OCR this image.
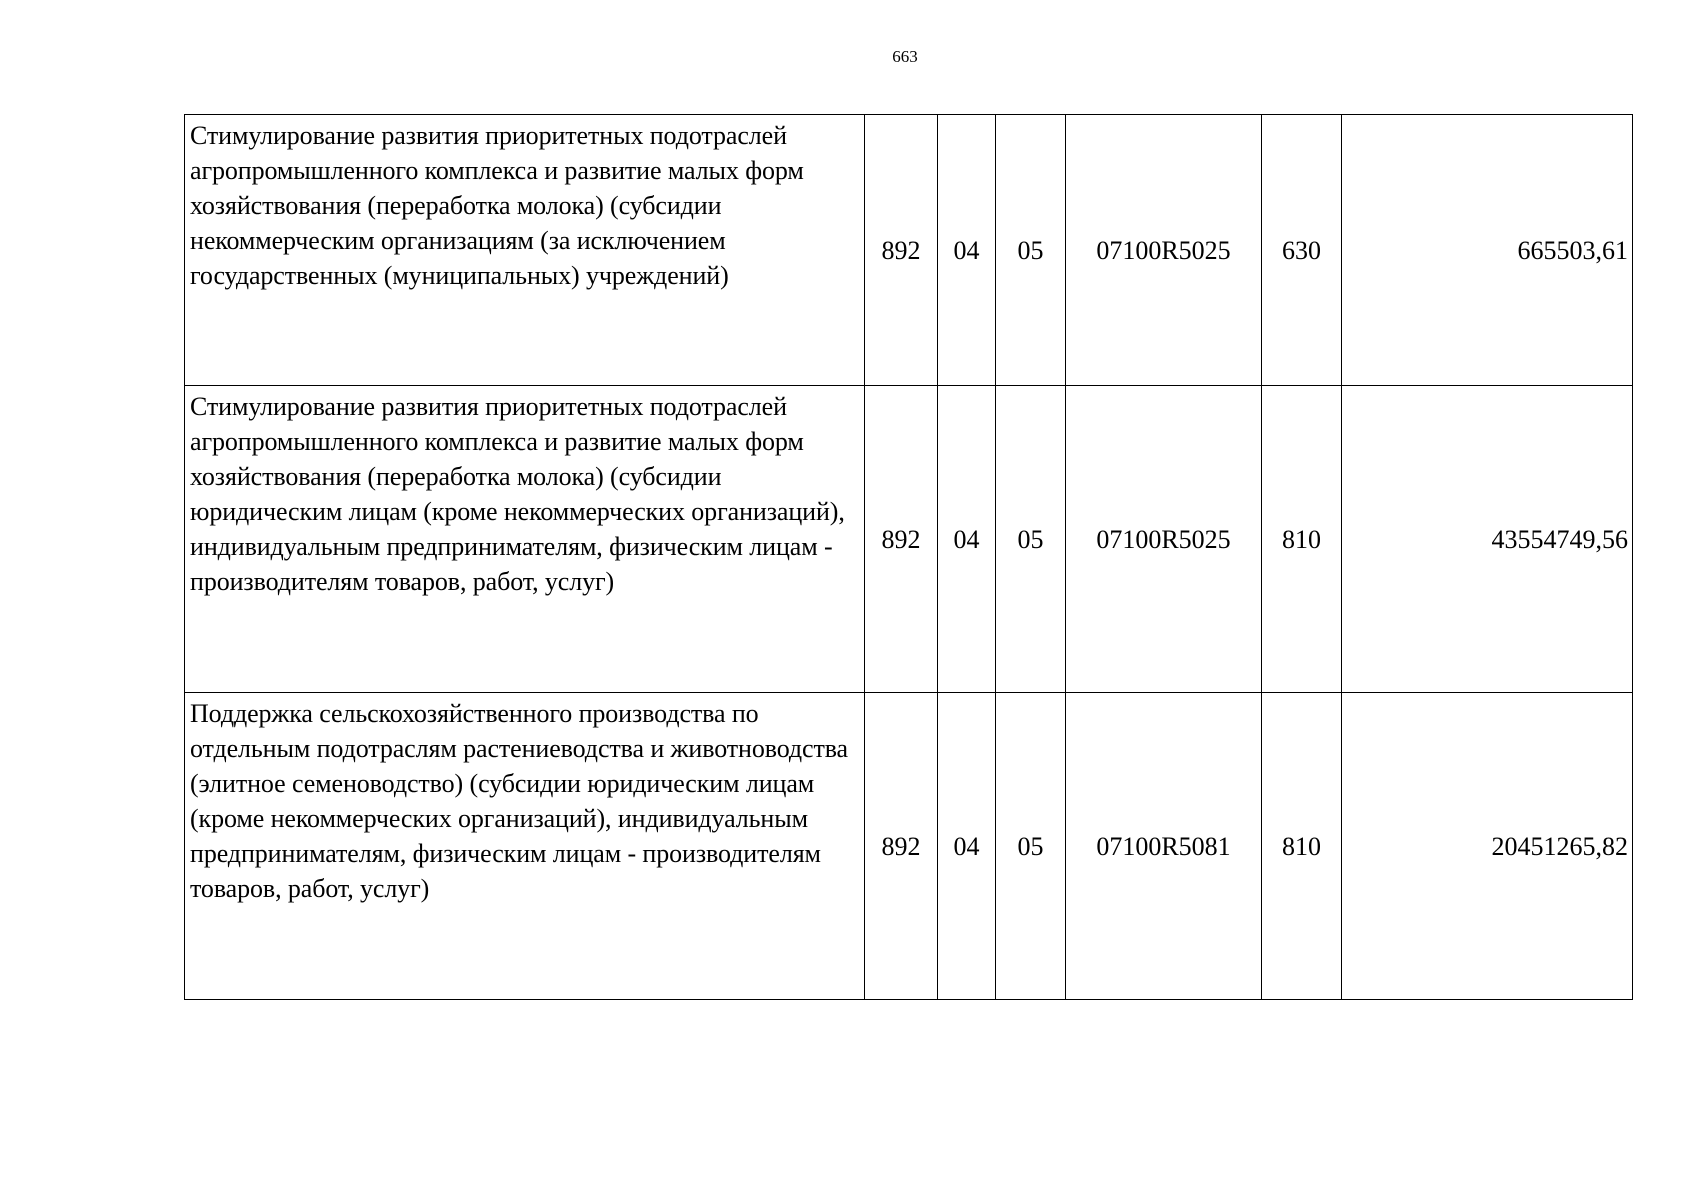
663
Стимулирование развития приоритетных подотраслей агропромышленного комплекса и развитие малых форм хозяйствования (переработка молока) (субсидии некоммерческим организациям (за исключением государственных (муниципальных) учреждений)	892	04	05	07100R5025	630	665503,61
Стимулирование развития приоритетных подотраслей агропромышленного комплекса и развитие малых форм хозяйствования (переработка молока) (субсидии юридическим лицам (кроме некоммерческих организаций), индивидуальным предпринимателям, физическим лицам - производителям товаров, работ, услуг)	892	04	05	07100R5025	810	43554749,56
Поддержка сельскохозяйственного производства по отдельным подотраслям растениеводства и животноводства (элитное семеноводство) (субсидии юридическим лицам (кроме некоммерческих организаций), индивидуальным предпринимателям, физическим лицам - производителям товаров, работ, услуг)	892	04	05	07100R5081	810	20451265,82
